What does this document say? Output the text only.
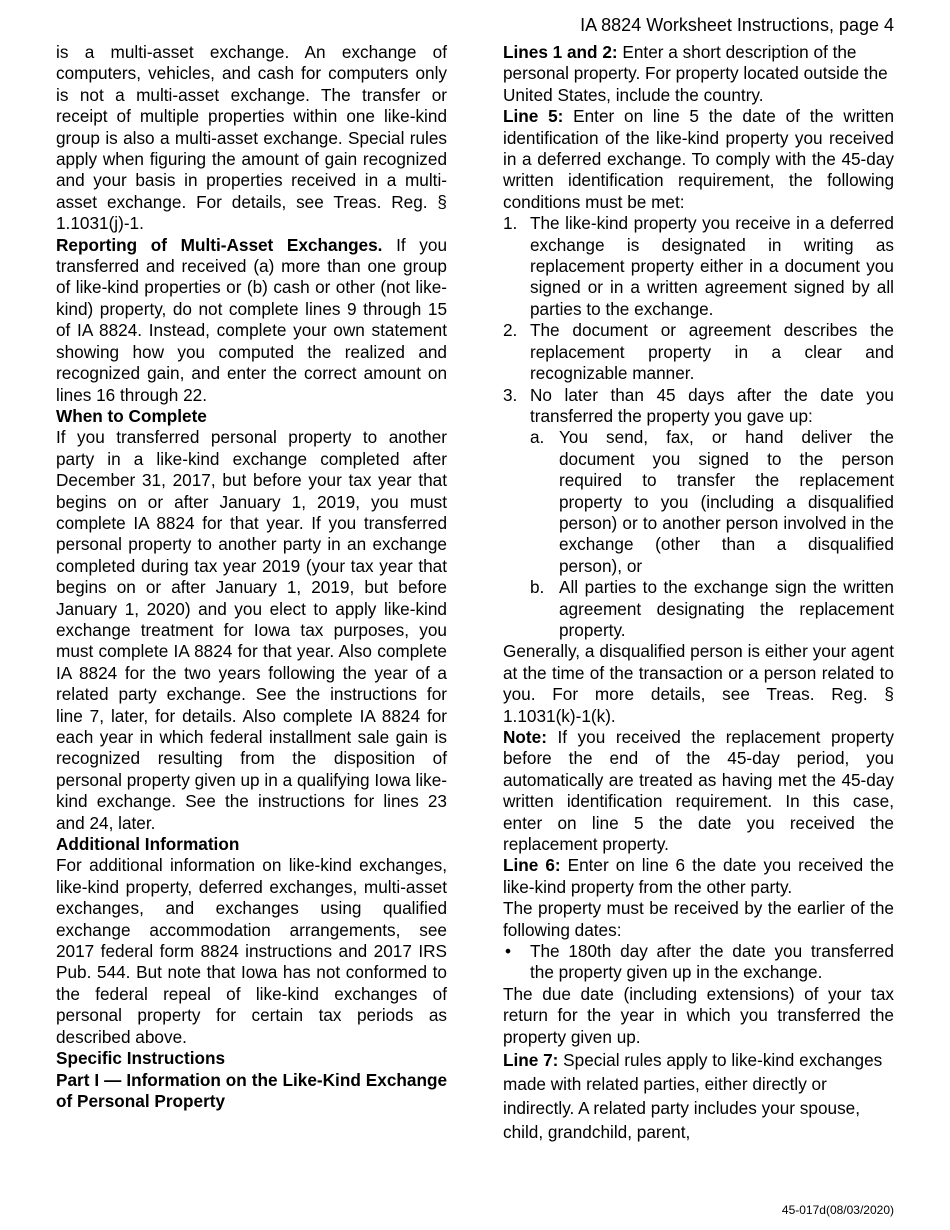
IA 8824 Worksheet Instructions, page 4

is a multi-asset exchange. An exchange of computers, vehicles, and cash for computers only is not a multi-asset exchange. The transfer or receipt of multiple properties within one like-kind group is also a multi-asset exchange. Special rules apply when figuring the amount of gain recognized and your basis in properties received in a multi-asset exchange. For details, see Treas. Reg. § 1.1031(j)-1.

Reporting of Multi-Asset Exchanges. If you transferred and received (a) more than one group of like-kind properties or (b) cash or other (not like-kind) property, do not complete lines 9 through 15 of IA 8824. Instead, complete your own statement showing how you computed the realized and recognized gain, and enter the correct amount on lines 16 through 22.

When to Complete

If you transferred personal property to another party in a like-kind exchange completed after December 31, 2017, but before your tax year that begins on or after January 1, 2019, you must complete IA 8824 for that year. If you transferred personal property to another party in an exchange completed during tax year 2019 (your tax year that begins on or after January 1, 2019, but before January 1, 2020) and you elect to apply like-kind exchange treatment for Iowa tax purposes, you must complete IA 8824 for that year. Also complete IA 8824 for the two years following the year of a related party exchange. See the instructions for line 7, later, for details. Also complete IA 8824 for each year in which federal installment sale gain is recognized resulting from the disposition of personal property given up in a qualifying Iowa like-kind exchange. See the instructions for lines 23 and 24, later.

Additional Information

For additional information on like-kind exchanges, like-kind property, deferred exchanges, multi-asset exchanges, and exchanges using qualified exchange accommodation arrangements, see 2017 federal form 8824 instructions and 2017 IRS Pub. 544. But note that Iowa has not conformed to the federal repeal of like-kind exchanges of personal property for certain tax periods as described above.

Specific Instructions

Part I — Information on the Like-Kind Exchange of Personal Property

Lines 1 and 2: Enter a short description of the personal property. For property located outside the United States, include the country.

Line 5: Enter on line 5 the date of the written identification of the like-kind property you received in a deferred exchange. To comply with the 45-day written identification requirement, the following conditions must be met:

1. The like-kind property you receive in a deferred exchange is designated in writing as replacement property either in a document you signed or in a written agreement signed by all parties to the exchange.
2. The document or agreement describes the replacement property in a clear and recognizable manner.
3. No later than 45 days after the date you transferred the property you gave up:
a. You send, fax, or hand deliver the document you signed to the person required to transfer the replacement property to you (including a disqualified person) or to another person involved in the exchange (other than a disqualified person), or
b. All parties to the exchange sign the written agreement designating the replacement property.

Generally, a disqualified person is either your agent at the time of the transaction or a person related to you. For more details, see Treas. Reg. § 1.1031(k)-1(k).

Note: If you received the replacement property before the end of the 45-day period, you automatically are treated as having met the 45-day written identification requirement. In this case, enter on line 5 the date you received the replacement property.

Line 6: Enter on line 6 the date you received the like-kind property from the other party.

The property must be received by the earlier of the following dates:

• The 180th day after the date you transferred the property given up in the exchange.

The due date (including extensions) of your tax return for the year in which you transferred the property given up.

Line 7: Special rules apply to like-kind exchanges made with related parties, either directly or indirectly. A related party includes your spouse, child, grandchild, parent,

45-017d(08/03/2020)
